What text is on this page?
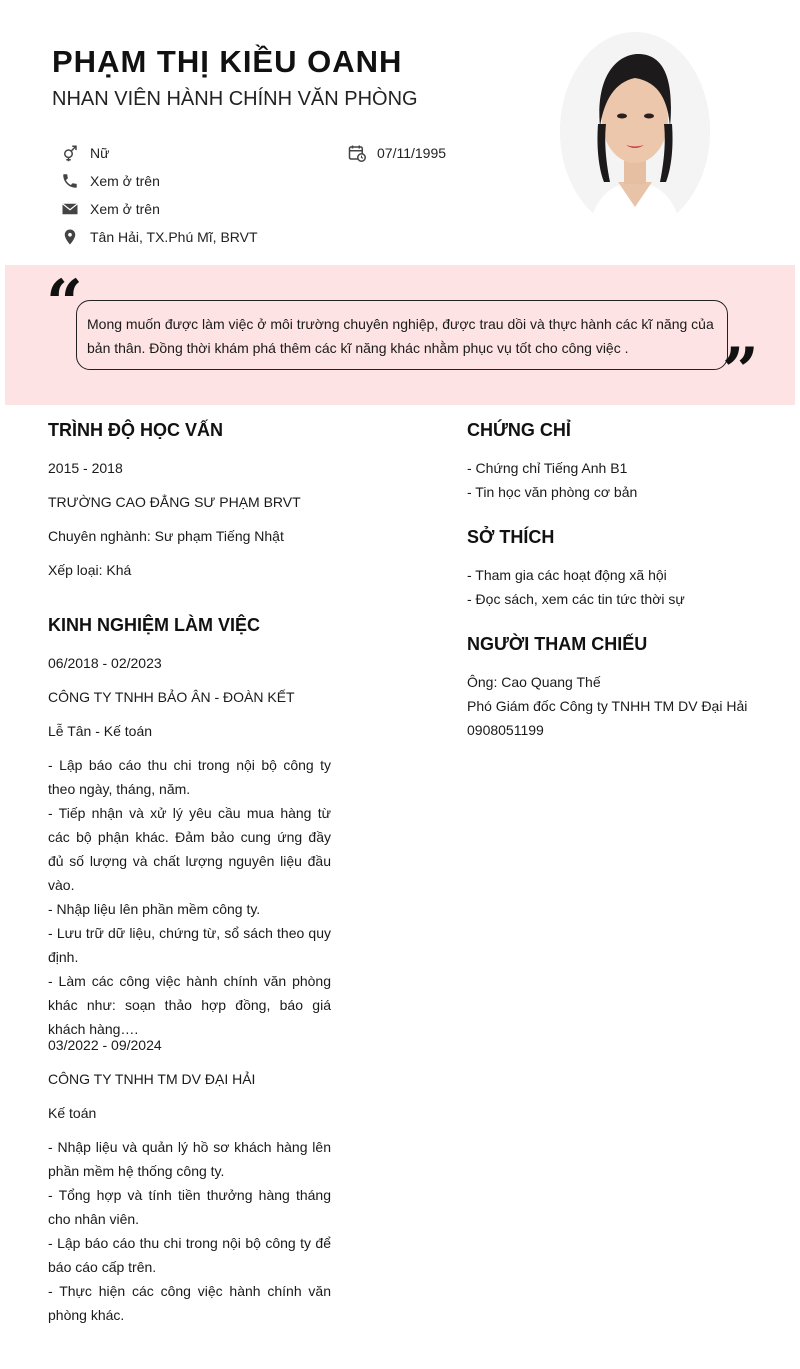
PHẠM THỊ KIỀU OANH
NHAN VIÊN HÀNH CHÍNH VĂN PHÒNG
Nữ	07/11/1995
Xem ở trên
Xem ở trên
Tân Hải, TX.Phú Mĩ, BRVT
“ Mong muốn được làm việc ở môi trường chuyên nghiệp, được trau dồi và thực hành các kĩ năng của bản thân. Đồng thời khám phá thêm các kĩ năng khác nhằm phục vụ tốt cho công việc .	”
TRÌNH ĐỘ HỌC VẤN
2015 - 2018
TRƯỜNG CAO ĐẲNG SƯ PHẠM BRVT
Chuyên nghành: Sư phạm Tiếng Nhật
Xếp loại: Khá
KINH NGHIỆM LÀM VIỆC
06/2018 - 02/2023
CÔNG TY TNHH BẢO ÂN - ĐOÀN KẾT
Lễ Tân - Kế toán
- Lập báo cáo thu chi trong nội bộ công ty theo ngày, tháng, năm.
- Tiếp nhận và xử lý yêu cầu mua hàng từ các bộ phận khác. Đảm bảo cung ứng đầy đủ số lượng và chất lượng nguyên liệu đầu vào.
- Nhập liệu lên phần mềm công ty.
- Lưu trữ dữ liệu, chứng từ, sổ sách theo quy định.
- Làm các công việc hành chính văn phòng khác như: soạn thảo hợp đồng, báo giá khách hàng….
03/2022 - 09/2024
CÔNG TY TNHH TM DV ĐẠI HẢI
Kế toán
- Nhập liệu và quản lý hồ sơ khách hàng lên phần mềm hệ thống công ty.
- Tổng hợp và tính tiền thưởng hàng tháng cho nhân viên.
- Lập báo cáo thu chi trong nội bộ công ty để báo cáo cấp trên.
- Thực hiện các công việc hành chính văn phòng khác.
CHỨNG CHỈ
- Chứng chỉ Tiếng Anh B1
- Tin học văn phòng cơ bản
SỞ THÍCH
- Tham gia các hoạt động xã hội
- Đọc sách, xem các tin tức thời sự
NGƯỜI THAM CHIẾU
Ông: Cao Quang Thế
Phó Giám đốc Công ty TNHH TM DV Đại Hải
0908051199
